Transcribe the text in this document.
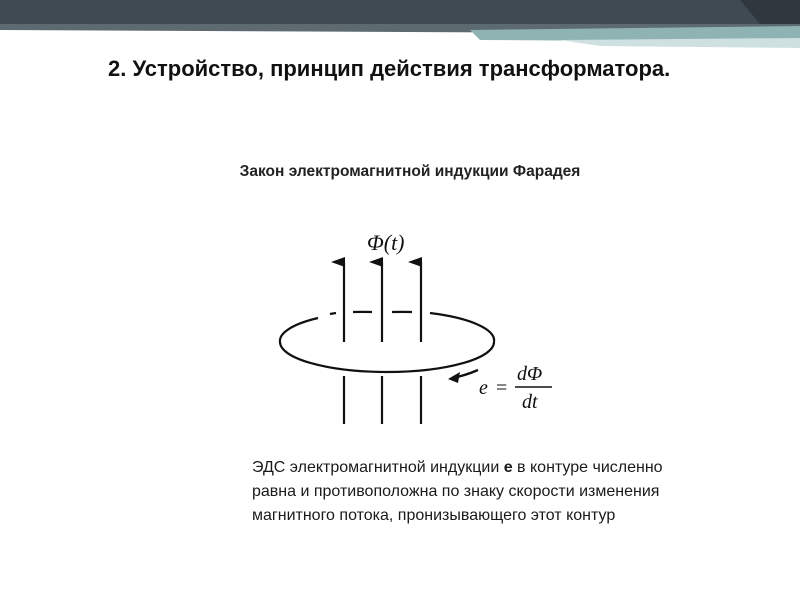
2. Устройство, принцип действия трансформатора.
Закон электромагнитной индукции Фарадея
Φ(t)
e =
dΦ
dt
ЭДС электромагнитной индукции e в контуре численно равна и противоположна по знаку скорости изменения магнитного потока, пронизывающего этот контур
